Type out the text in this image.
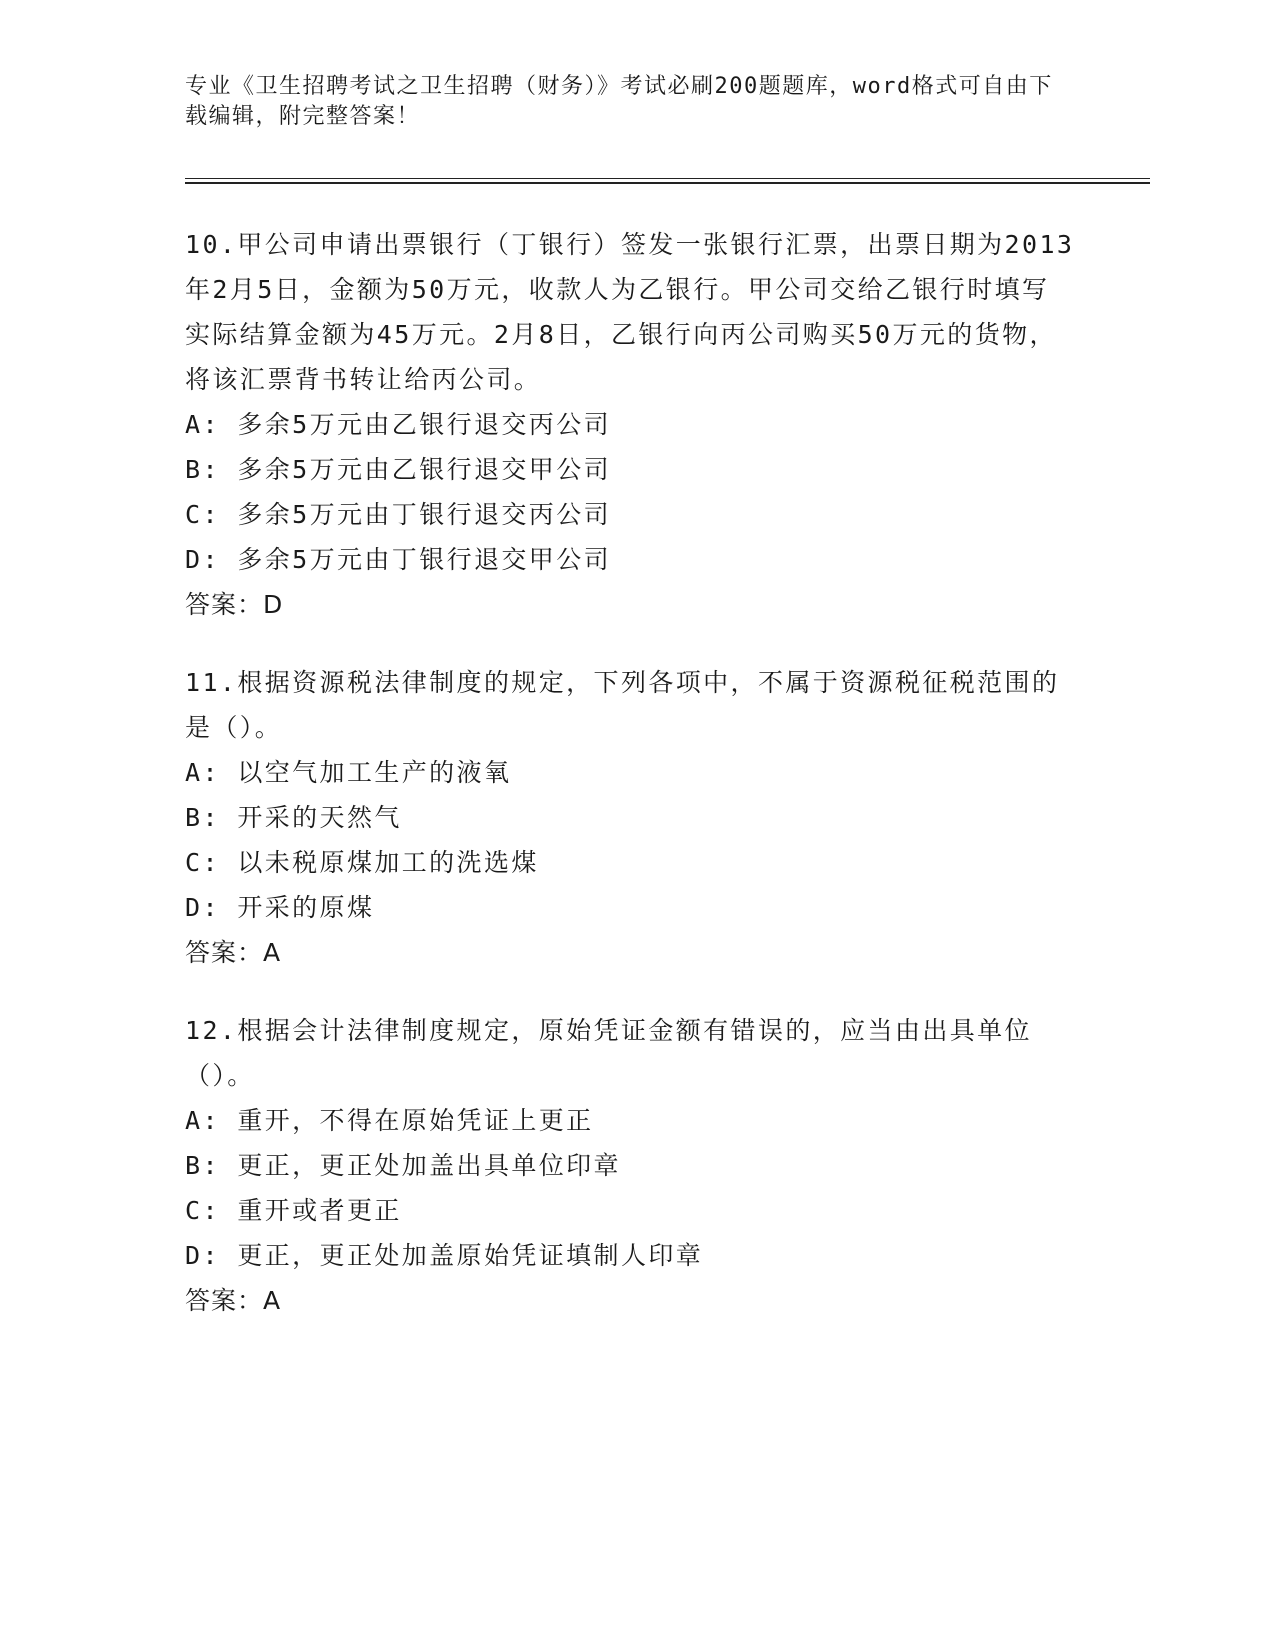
专业《卫生招聘考试之卫生招聘（财务）》考试必刷200题题库，word格式可自由下载编辑，附完整答案！

10.甲公司申请出票银行（丁银行）签发一张银行汇票，出票日期为2013年2月5日，金额为50万元，收款人为乙银行。甲公司交给乙银行时填写实际结算金额为45万元。2月8日，乙银行向丙公司购买50万元的货物，将该汇票背书转让给丙公司。

A: 多余5万元由乙银行退交丙公司

B: 多余5万元由乙银行退交甲公司

C: 多余5万元由丁银行退交丙公司

D: 多余5万元由丁银行退交甲公司

答案：D

11.根据资源税法律制度的规定，下列各项中，不属于资源税征税范围的是（）。

A: 以空气加工生产的液氧

B: 开采的天然气

C: 以未税原煤加工的洗选煤

D: 开采的原煤

答案：A

12.根据会计法律制度规定，原始凭证金额有错误的，应当由出具单位（）。

A: 重开，不得在原始凭证上更正

B: 更正，更正处加盖出具单位印章

C: 重开或者更正

D: 更正，更正处加盖原始凭证填制人印章

答案：A
